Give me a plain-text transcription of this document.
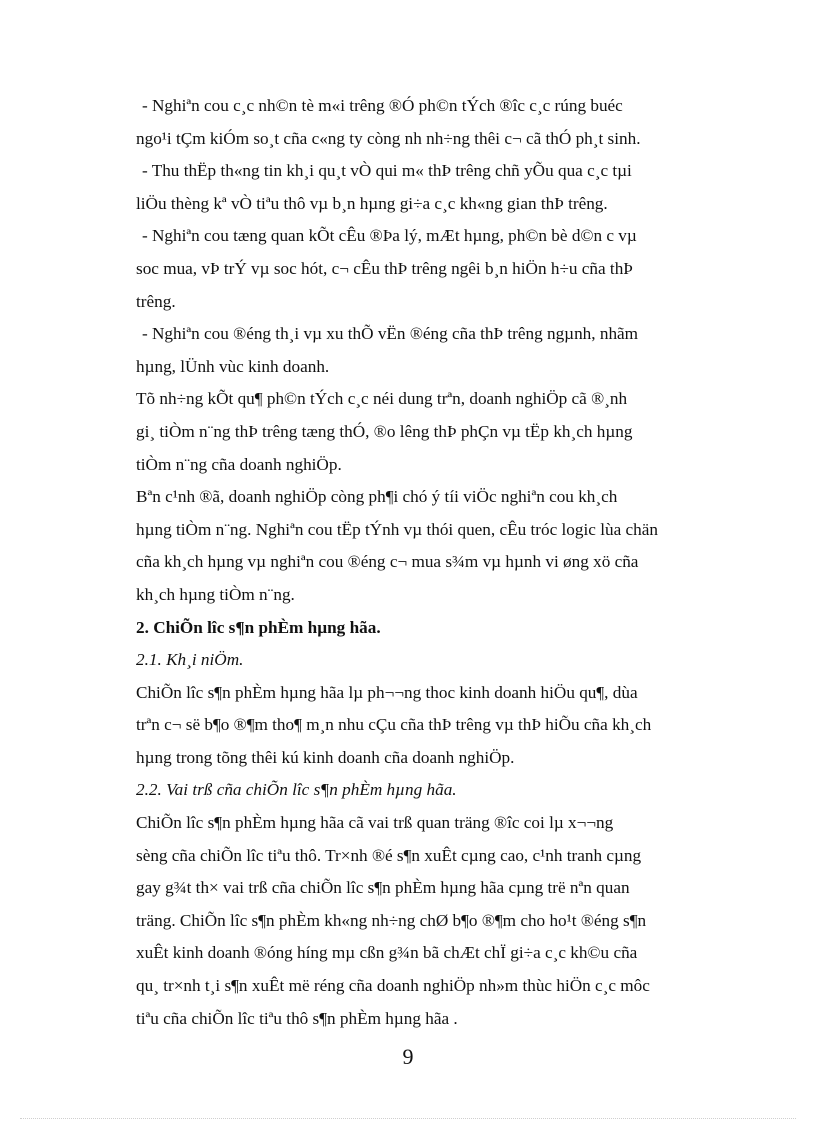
- Nghiªn cou c¸c nh©n tè m«i trêng ®Ó ph©n tÝch ®îc c¸c rúng buéc
ngo¹i tÇm kiÓm so¸t cña c«ng ty còng nh nh÷ng thêi c¬ cã thÓ ph¸t sinh.
- Thu thËp th«ng tin kh¸i qu¸t vÒ qui m« thÞ trêng chñ yÕu qua c¸c tµi
liÖu thèng kª vÒ tiªu thô vµ b¸n hµng gi÷a c¸c kh«ng gian thÞ trêng.
- Nghiªn cou tæng quan kÕt cÊu ®Þa lý, mÆt hµng, ph©n bè d©n c vµ
soc mua, vÞ trÝ vµ soc hót, c¬ cÊu thÞ trêng ngêi b¸n hiÖn h÷u cña thÞ
trêng.
- Nghiªn cou ®éng th¸i vµ xu thÕ vËn ®éng cña thÞ trêng ngµnh, nhãm
hµng, lÜnh vùc kinh doanh.
Tõ nh÷ng kÕt qu¶ ph©n tÝch c¸c néi dung trªn, doanh nghiÖp cã ®¸nh
gi¸ tiÒm n¨ng thÞ trêng tæng thÓ, ®o lêng thÞ phÇn vµ tËp kh¸ch hµng
tiÒm n¨ng cña doanh nghiÖp.
Bªn c¹nh ®ã, doanh nghiÖp còng ph¶i chó ý tíi viÖc nghiªn cou kh¸ch
hµng tiÒm n¨ng. Nghiªn cou tËp tÝnh vµ thói quen, cÊu tróc logic lùa chän
cña kh¸ch hµng vµ nghiªn cou ®éng c¬ mua s¾m vµ hµnh vi øng xö cña
kh¸ch hµng tiÒm n¨ng.
2. ChiÕn lîc s¶n phÈm hµng hãa.
2.1. Kh¸i niÖm.
ChiÕn lîc s¶n phÈm hµng hãa lµ ph¬¬ng thoc kinh doanh hiÖu qu¶, dùa
trªn c¬ së b¶o ®¶m tho¶ m¸n nhu cÇu cña thÞ trêng vµ thÞ hiÕu cña kh¸ch
hµng trong tõng thêi kú kinh doanh cña doanh nghiÖp.
2.2. Vai trß cña chiÕn lîc s¶n phÈm hµng hãa.
ChiÕn lîc s¶n phÈm hµng hãa cã vai trß quan träng ®îc coi lµ x¬¬ng
sèng cña chiÕn lîc tiªu thô. Tr×nh ®é s¶n xuÊt cµng cao, c¹nh tranh cµng
gay g¾t th× vai trß cña chiÕn lîc s¶n phÈm hµng hãa cµng trë nªn quan
träng. ChiÕn lîc s¶n phÈm kh«ng nh÷ng chØ b¶o ®¶m cho ho¹t ®éng s¶n
xuÊt kinh doanh ®óng híng mµ cßn g¾n bã chÆt chÏ gi÷a c¸c kh©u cña
qu¸ tr×nh t¸i s¶n xuÊt më réng cña doanh nghiÖp nh»m thùc hiÖn c¸c môc
tiªu cña chiÕn lîc tiªu thô s¶n phÈm hµng hãa .
9
